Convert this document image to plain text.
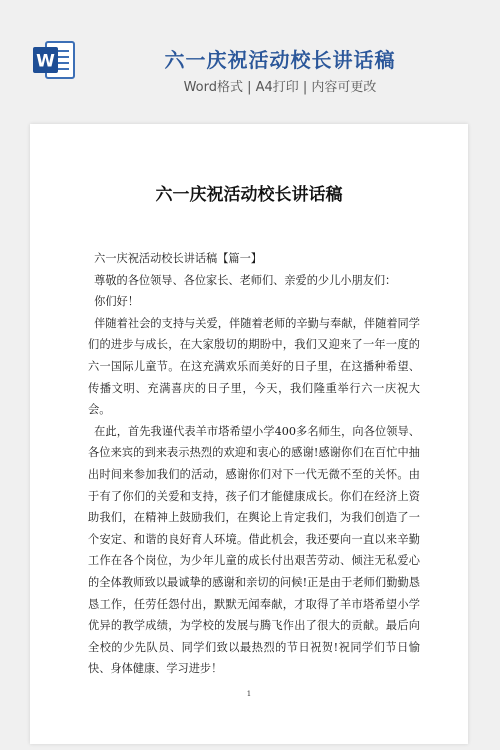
W	六一庆祝活动校长讲话稿
Word格式 | A4打印 | 内容可更改
六一庆祝活动校长讲话稿

六一庆祝活动校长讲话稿【篇一】

尊敬的各位领导、各位家长、老师们、亲爱的少儿小朋友们：

你们好！

伴随着社会的支持与关爱，伴随着老师的辛勤与奉献，伴随着同学们的进步与成长，在大家殷切的期盼中，我们又迎来了一年一度的六一国际儿童节。在这充满欢乐而美好的日子里，在这播种希望、传播文明、充满喜庆的日子里，今天，我们隆重举行六一庆祝大会。

在此，首先我谨代表羊市塔希望小学400多名师生，向各位领导、各位来宾的到来表示热烈的欢迎和衷心的感谢!感谢你们在百忙中抽出时间来参加我们的活动，感谢你们对下一代无微不至的关怀。由于有了你们的关爱和支持，孩子们才能健康成长。你们在经济上资助我们，在精神上鼓励我们，在舆论上肯定我们，为我们创造了一个安定、和谐的良好育人环境。借此机会，我还要向一直以来辛勤工作在各个岗位，为少年儿童的成长付出艰苦劳动、倾注无私爱心的全体教师致以最诚挚的感谢和亲切的问候!正是由于老师们勤勤恳恳工作，任劳任怨付出，默默无闻奉献，才取得了羊市塔希望小学优异的教学成绩，为学校的发展与腾飞作出了很大的贡献。最后向全校的少先队员、同学们致以最热烈的节日祝贺!祝同学们节日愉快、身体健康、学习进步！

1
